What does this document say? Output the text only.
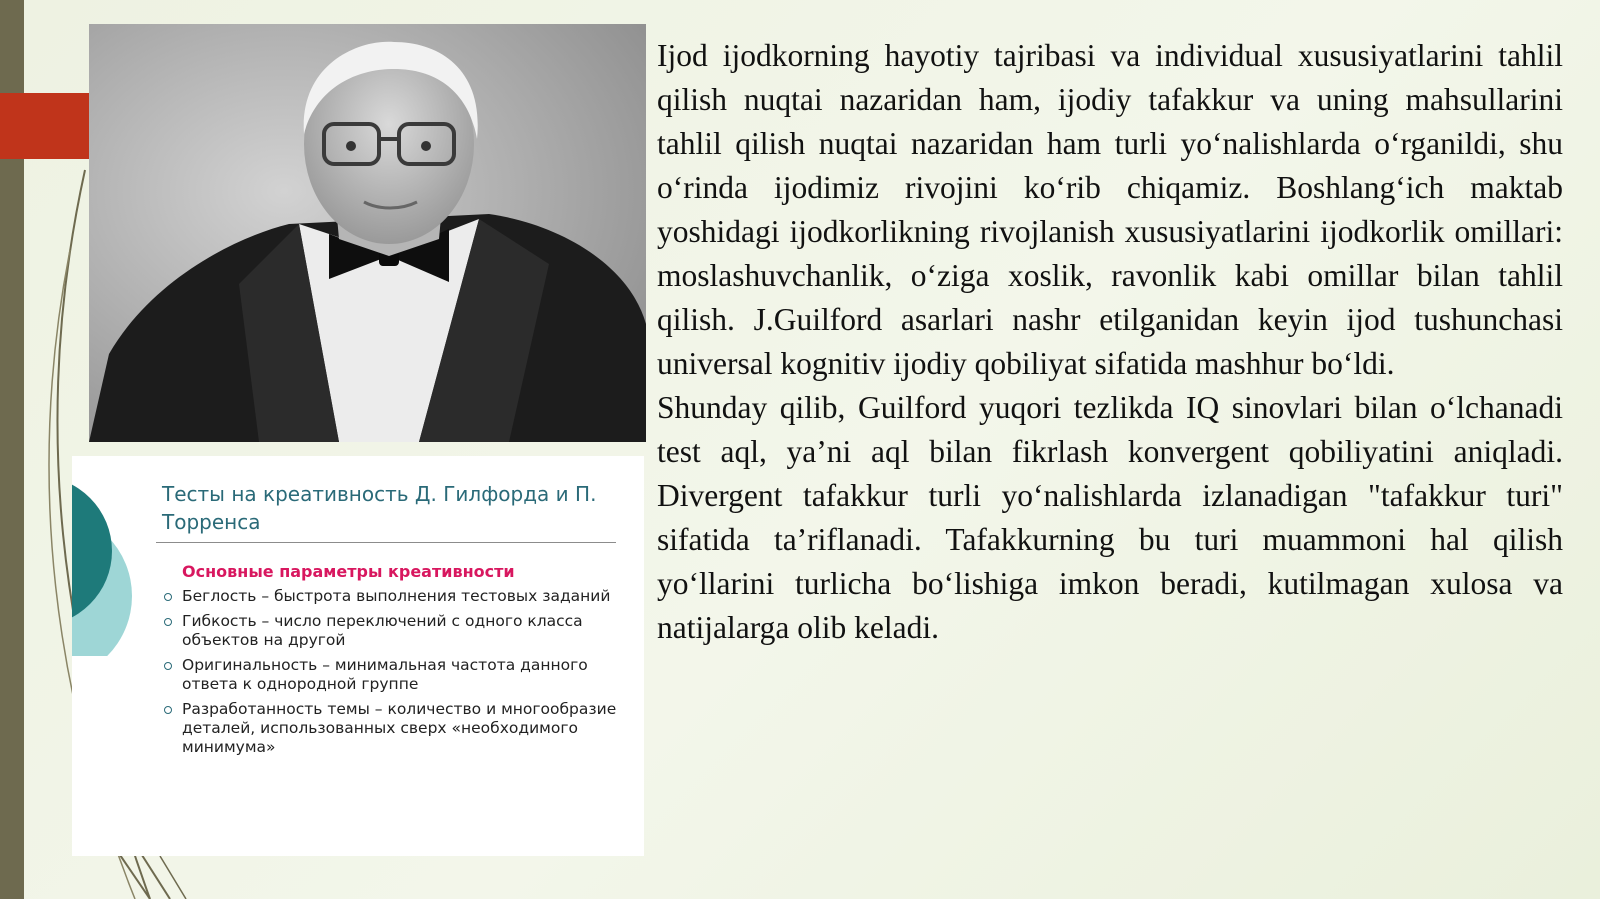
Тесты на креативность Д. Гилфорда и П. Торренса
Основные параметры креативности
Беглость – быстрота выполнения тестовых заданий
Гибкость – число переключений с одного класса объектов на другой
Оригинальность – минимальная частота данного ответа к однородной группе
Разработанность темы – количество и многообразие деталей, использованных сверх «необходимого минимума»

Ijod ijodkorning hayotiy tajribasi va individual xususiyatlarini tahlil qilish nuqtai nazaridan ham, ijodiy tafakkur va uning mahsullarini tahlil qilish nuqtai nazaridan ham turli yo‘nalishlarda o‘rganildi, shu o‘rinda ijodimiz rivojini ko‘rib chiqamiz. Boshlang‘ich maktab yoshidagi ijodkorlikning rivojlanish xususiyatlarini ijodkorlik omillari: moslashuvchanlik, o‘ziga xoslik, ravonlik kabi omillar bilan tahlil qilish. J.Guilford asarlari nashr etilganidan keyin ijod tushunchasi universal kognitiv ijodiy qobiliyat sifatida mashhur bo‘ldi.

Shunday qilib, Guilford yuqori tezlikda IQ sinovlari bilan o‘lchanadi test aql, ya’ni aql bilan fikrlash konvergent qobiliyatini aniqladi. Divergent tafakkur turli yo‘nalishlarda izlanadigan "tafakkur turi" sifatida ta’riflanadi. Tafakkurning bu turi muammoni hal qilish yo‘llarini turlicha bo‘lishiga imkon beradi, kutilmagan xulosa va natijalarga olib keladi.
